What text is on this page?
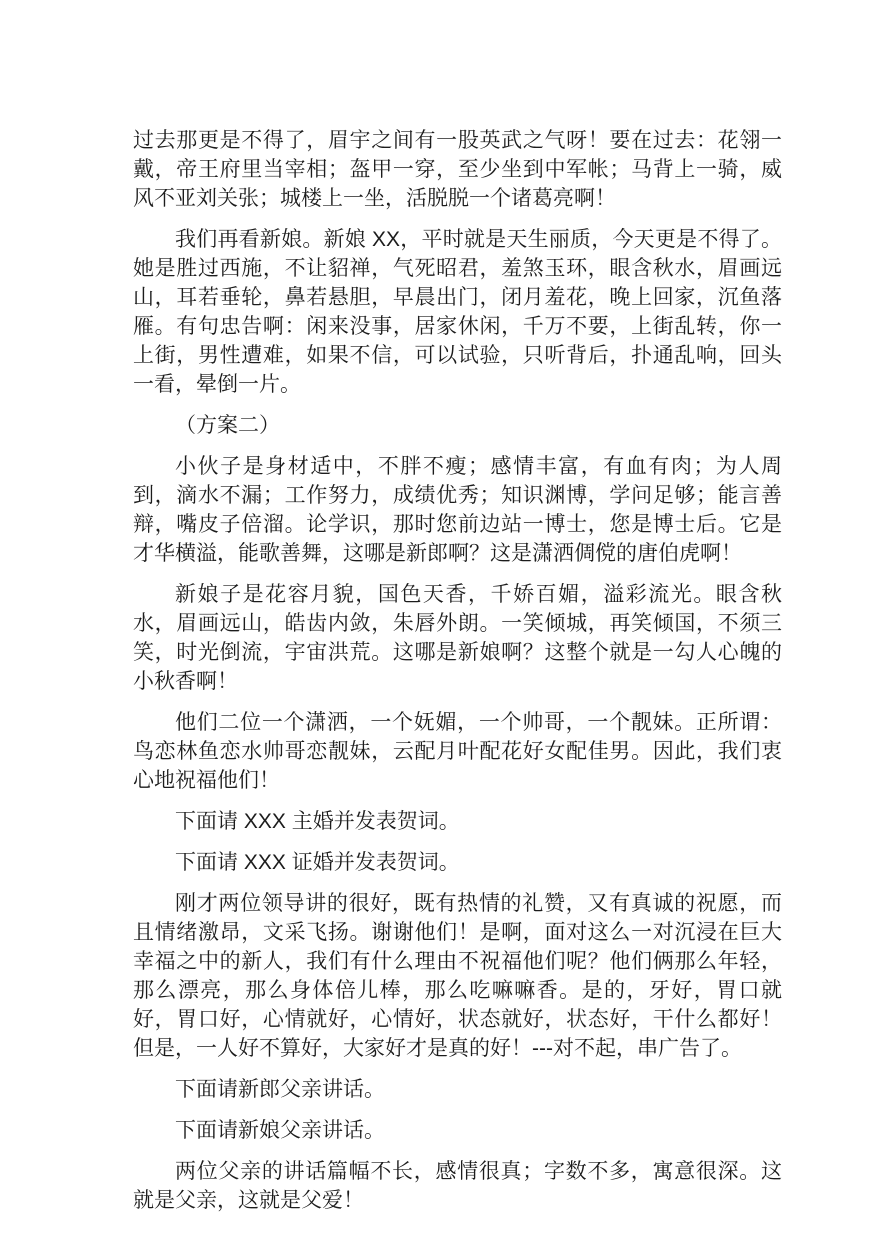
过去那更是不得了，眉宇之间有一股英武之气呀！要在过去：花翎一戴，帝王府里当宰相；盔甲一穿，至少坐到中军帐；马背上一骑，威风不亚刘关张；城楼上一坐，活脱脱一个诸葛亮啊！

我们再看新娘。新娘 XX，平时就是天生丽质，今天更是不得了。她是胜过西施，不让貂禅，气死昭君，羞煞玉环，眼含秋水，眉画远山，耳若垂轮，鼻若悬胆，早晨出门，闭月羞花，晚上回家，沉鱼落雁。有句忠告啊：闲来没事，居家休闲，千万不要，上街乱转，你一上街，男性遭难，如果不信，可以试验，只听背后，扑通乱响，回头一看，晕倒一片。

（方案二）

小伙子是身材适中，不胖不瘦；感情丰富，有血有肉；为人周到，滴水不漏；工作努力，成绩优秀；知识渊博，学问足够；能言善辩，嘴皮子倍溜。论学识，那时您前边站一博士，您是博士后。它是才华横溢，能歌善舞，这哪是新郎啊？这是潇洒倜傥的唐伯虎啊！

新娘子是花容月貌，国色天香，千娇百媚，溢彩流光。眼含秋水，眉画远山，皓齿内敛，朱唇外朗。一笑倾城，再笑倾国，不须三笑，时光倒流，宇宙洪荒。这哪是新娘啊？这整个就是一勾人心魄的小秋香啊！

他们二位一个潇洒，一个妩媚，一个帅哥，一个靓妹。正所谓：鸟恋林鱼恋水帅哥恋靓妹，云配月叶配花好女配佳男。因此，我们衷心地祝福他们！

下面请 XXX 主婚并发表贺词。

下面请 XXX 证婚并发表贺词。

刚才两位领导讲的很好，既有热情的礼赞，又有真诚的祝愿，而且情绪激昂，文采飞扬。谢谢他们！是啊，面对这么一对沉浸在巨大幸福之中的新人，我们有什么理由不祝福他们呢？他们俩那么年轻，那么漂亮，那么身体倍儿棒，那么吃嘛嘛香。是的，牙好，胃口就好，胃口好，心情就好，心情好，状态就好，状态好，干什么都好！但是，一人好不算好，大家好才是真的好！---对不起，串广告了。

下面请新郎父亲讲话。

下面请新娘父亲讲话。

两位父亲的讲话篇幅不长，感情很真；字数不多，寓意很深。这就是父亲，这就是父爱！
